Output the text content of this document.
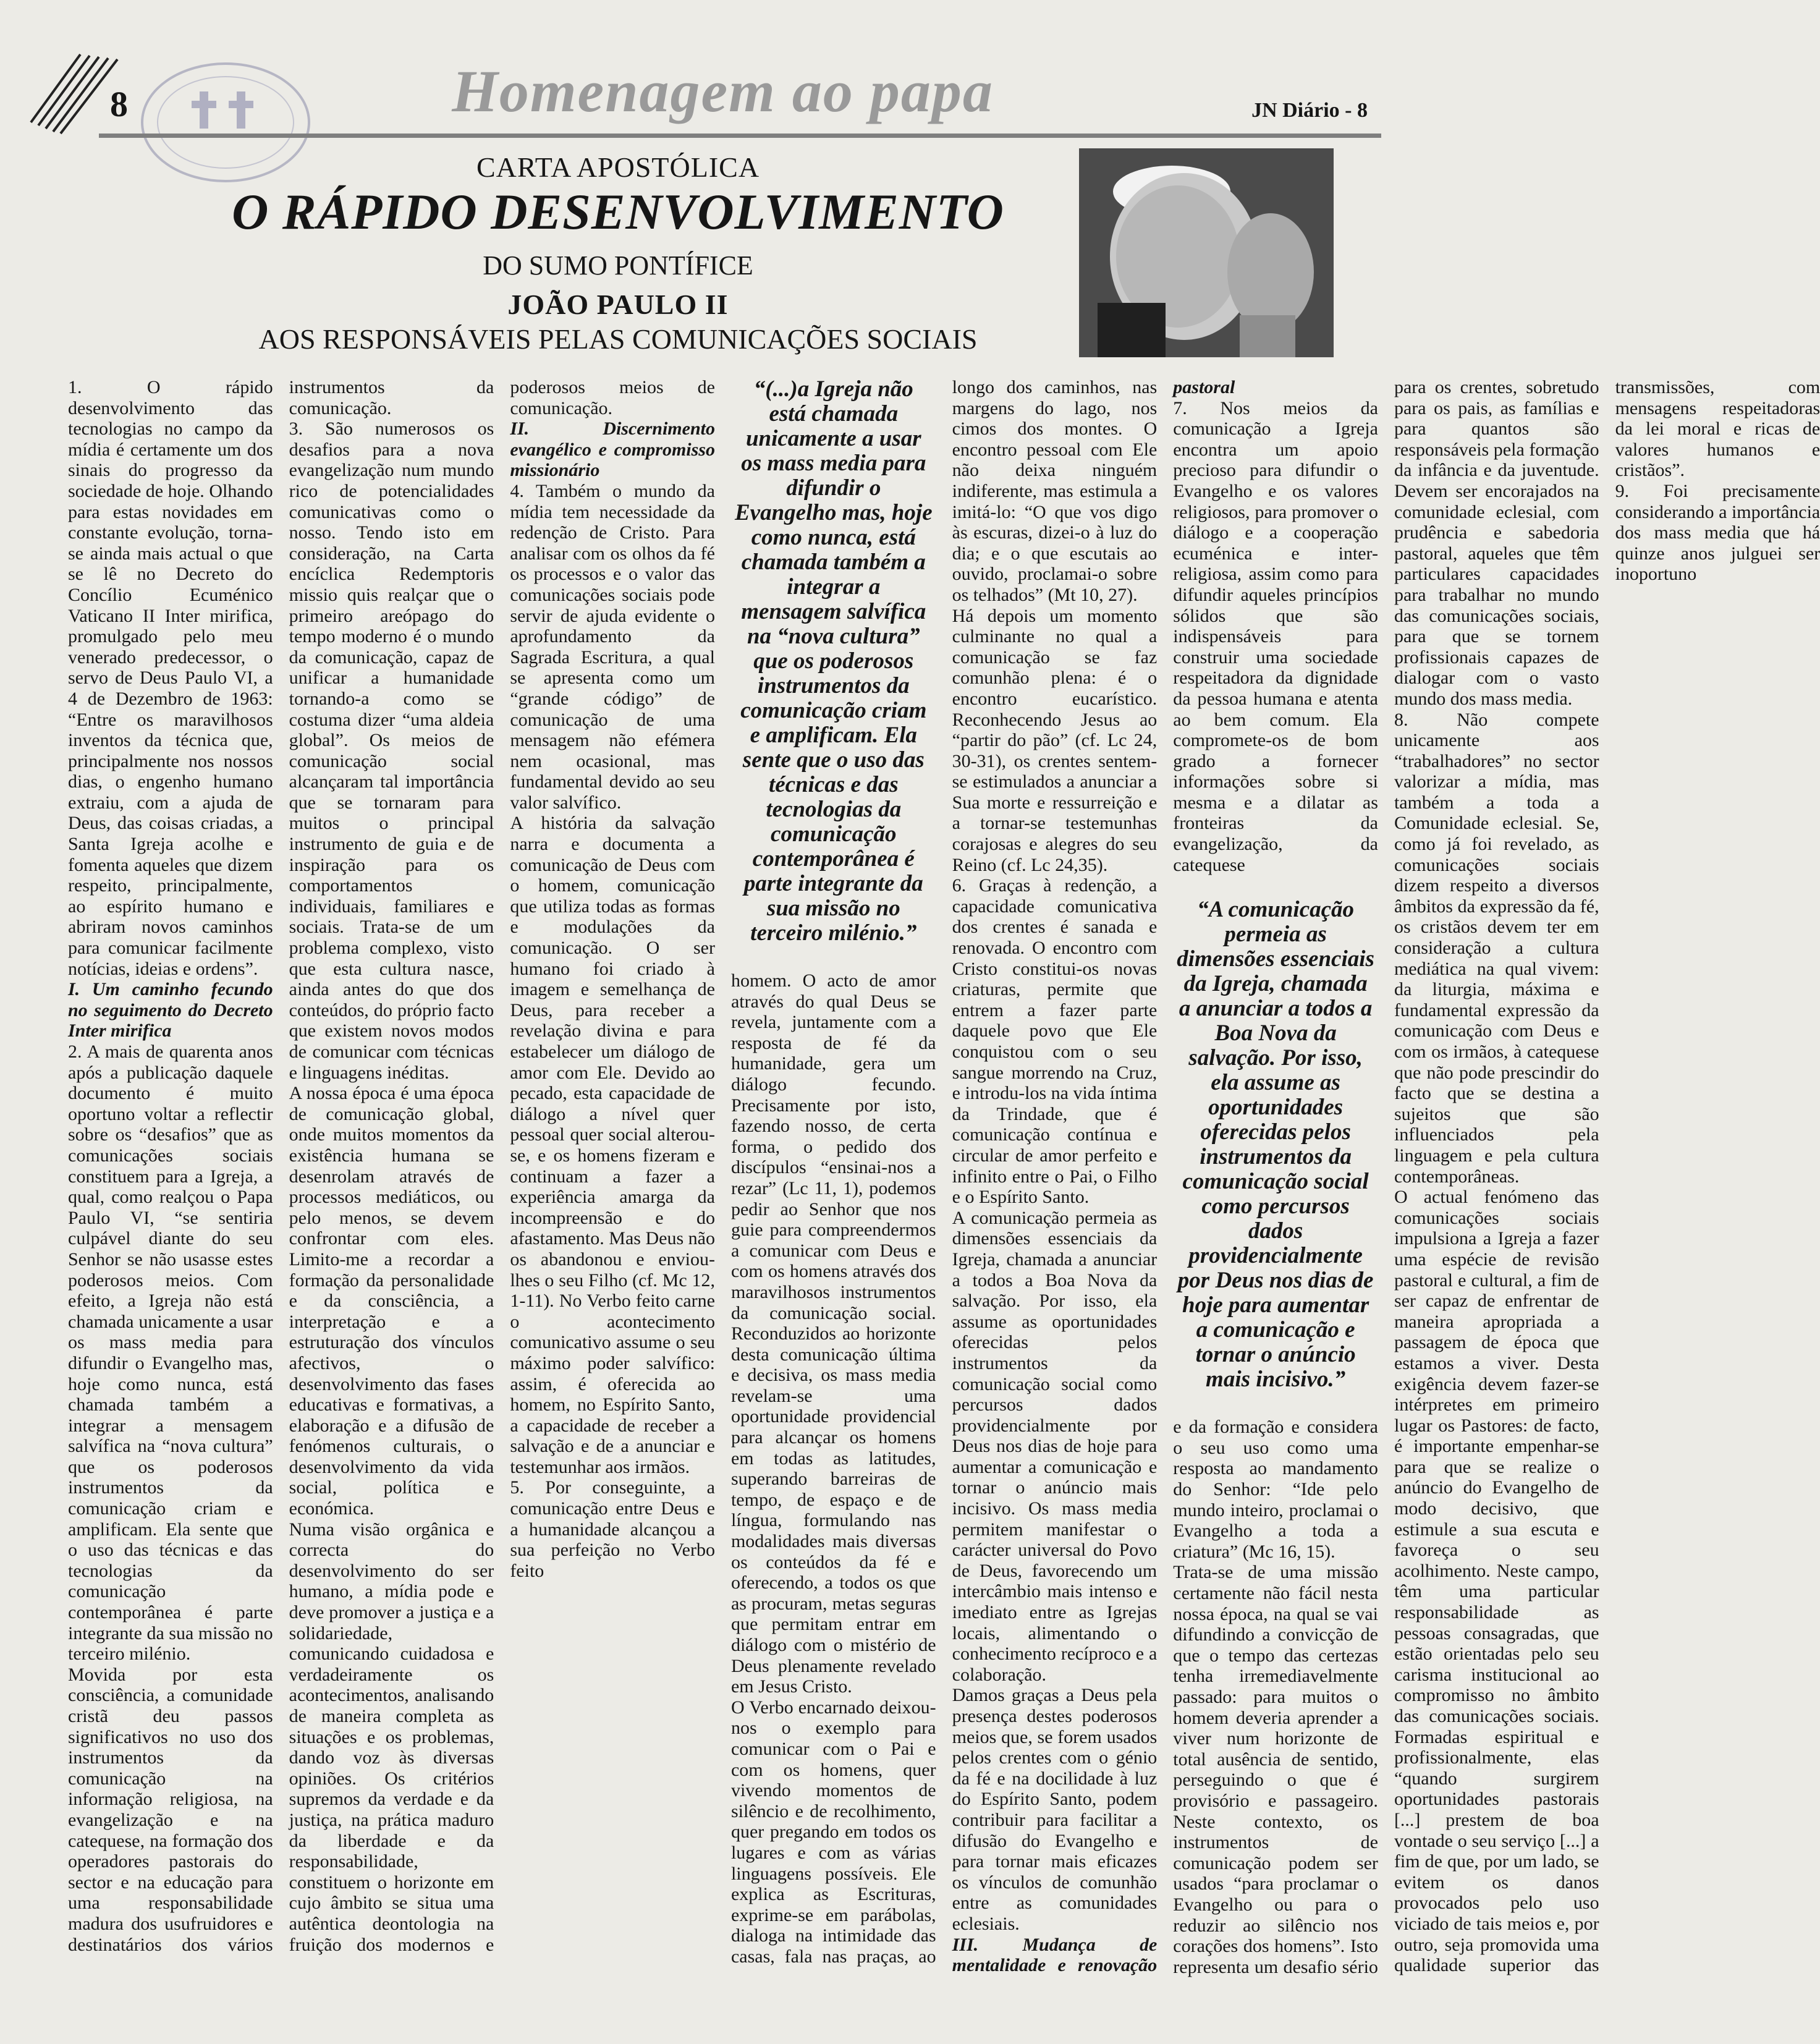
8	Homenagem ao papa	JN Diário - 8
CARTA APOSTÓLICA
O RÁPIDO DESENVOLVIMENTO
DO SUMO PONTÍFICE
JOÃO PAULO II
AOS RESPONSÁVEIS PELAS COMUNICAÇÕES SOCIAIS

1. O rápido desenvolvimento das tecnologias no campo da mídia é certamente um dos sinais do progresso da sociedade de hoje. Olhando para estas novidades em constante evolução, torna-se ainda mais actual o que se lê no Decreto do Concílio Ecuménico Vaticano II Inter mirifica, promulgado pelo meu venerado predecessor, o servo de Deus Paulo VI, a 4 de Dezembro de 1963: “Entre os maravilhosos inventos da técnica que, principalmente nos nossos dias, o engenho humano extraiu, com a ajuda de Deus, das coisas criadas, a Santa Igreja acolhe e fomenta aqueles que dizem respeito, principalmente, ao espírito humano e abriram novos caminhos para comunicar facilmente notícias, ideias e ordens”.

I. Um caminho fecundo no seguimento do Decreto Inter mirifica

2. A mais de quarenta anos após a publicação daquele documento é muito oportuno voltar a reflectir sobre os “desafios” que as comunicações sociais constituem para a Igreja, a qual, como realçou o Papa Paulo VI, “se sentiria culpável diante do seu Senhor se não usasse estes poderosos meios. Com efeito, a Igreja não está chamada unicamente a usar os mass media para difundir o Evangelho mas, hoje como nunca, está chamada também a integrar a mensagem salvífica na “nova cultura” que os poderosos instrumentos da comunicação criam e amplificam. Ela sente que o uso das técnicas e das tecnologias da comunicação contemporânea é parte integrante da sua missão no terceiro milénio.

Movida por esta consciência, a comunidade cristã deu passos significativos no uso dos instrumentos da comunicação na informação religiosa, na evangelização e na catequese, na formação dos operadores pastorais do sector e na educação para uma responsabilidade madura dos usufruidores e destinatários dos vários instrumentos da comunicação.

3. São numerosos os desafios para a nova evangelização num mundo rico de potencialidades comunicativas como o nosso. Tendo isto em consideração, na Carta encíclica Redemptoris missio quis realçar que o primeiro areópago do tempo moderno é o mundo da comunicação, capaz de unificar a humanidade tornando-a como se costuma dizer “uma aldeia global”. Os meios de comunicação social alcançaram tal importância que se tornaram para muitos o principal instrumento de guia e de inspiração para os comportamentos individuais, familiares e sociais. Trata-se de um problema complexo, visto que esta cultura nasce, ainda antes do que dos conteúdos, do próprio facto que existem novos modos de comunicar com técnicas e linguagens inéditas.

A nossa época é uma época de comunicação global, onde muitos momentos da existência humana se desenrolam através de processos mediáticos, ou pelo menos, se devem confrontar com eles. Limito-me a recordar a formação da personalidade e da consciência, a interpretação e a estruturação dos vínculos afectivos, o desenvolvimento das fases educativas e formativas, a elaboração e a difusão de fenómenos culturais, o desenvolvimento da vida social, política e económica.

Numa visão orgânica e correcta do desenvolvimento do ser humano, a mídia pode e deve promover a justiça e a solidariedade, comunicando cuidadosa e verdadeiramente os acontecimentos, analisando de maneira completa as situações e os problemas, dando voz às diversas opiniões. Os critérios supremos da verdade e da justiça, na prática maduro da liberdade e da responsabilidade, constituem o horizonte em cujo âmbito se situa uma autêntica deontologia na fruição dos modernos e poderosos meios de comunicação.

II. Discernimento evangélico e compromisso missionário

4. Também o mundo da mídia tem necessidade da redenção de Cristo. Para analisar com os olhos da fé os processos e o valor das comunicações sociais pode servir de ajuda evidente o aprofundamento da Sagrada Escritura, a qual se apresenta como um “grande código” de comunicação de uma mensagem não efémera nem ocasional, mas fundamental devido ao seu valor salvífico.

A história da salvação narra e documenta a comunicação de Deus com o homem, comunicação que utiliza todas as formas e modulações da comunicação. O ser humano foi criado à imagem e semelhança de Deus, para receber a revelação divina e para estabelecer um diálogo de amor com Ele. Devido ao pecado, esta capacidade de diálogo a nível quer pessoal quer social alterou-se, e os homens fizeram e continuam a fazer a experiência amarga da incompreensão e do afastamento. Mas Deus não os abandonou e enviou-lhes o seu Filho (cf. Mc 12, 1-11). No Verbo feito carne o acontecimento comunicativo assume o seu máximo poder salvífico: assim, é oferecida ao homem, no Espírito Santo, a capacidade de receber a salvação e de a anunciar e testemunhar aos irmãos.

5. Por conseguinte, a comunicação entre Deus e a humanidade alcançou a sua perfeição no Verbo feito

“(...)a Igreja não está chamada unicamente a usar os mass media para difundir o Evangelho mas, hoje como nunca, está chamada também a integrar a mensagem salvífica na “nova cultura” que os poderosos instrumentos da comunicação criam e amplificam. Ela sente que o uso das técnicas e das tecnologias da comunicação contemporânea é parte integrante da sua missão no terceiro milénio.”

homem. O acto de amor através do qual Deus se revela, juntamente com a resposta de fé da humanidade, gera um diálogo fecundo. Precisamente por isto, fazendo nosso, de certa forma, o pedido dos discípulos “ensinai-nos a rezar” (Lc 11, 1), podemos pedir ao Senhor que nos guie para compreendermos a comunicar com Deus e com os homens através dos maravilhosos instrumentos da comunicação social. Reconduzidos ao horizonte desta comunicação última e decisiva, os mass media revelam-se uma oportunidade providencial para alcançar os homens em todas as latitudes, superando barreiras de tempo, de espaço e de língua, formulando nas modalidades mais diversas os conteúdos da fé e oferecendo, a todos os que as procuram, metas seguras que permitam entrar em diálogo com o mistério de Deus plenamente revelado em Jesus Cristo.

O Verbo encarnado deixou-nos o exemplo para comunicar com o Pai e com os homens, quer vivendo momentos de silêncio e de recolhimento, quer pregando em todos os lugares e com as várias linguagens possíveis. Ele explica as Escrituras, exprime-se em parábolas, dialoga na intimidade das casas, fala nas praças, ao longo dos caminhos, nas margens do lago, nos cimos dos montes. O encontro pessoal com Ele não deixa ninguém indiferente, mas estimula a imitá-lo: “O que vos digo às escuras, dizei-o à luz do dia; e o que escutais ao ouvido, proclamai-o sobre os telhados” (Mt 10, 27).

Há depois um momento culminante no qual a comunicação se faz comunhão plena: é o encontro eucarístico. Reconhecendo Jesus ao “partir do pão” (cf. Lc 24, 30-31), os crentes sentem-se estimulados a anunciar a Sua morte e ressurreição e a tornar-se testemunhas corajosas e alegres do seu Reino (cf. Lc 24,35).

6. Graças à redenção, a capacidade comunicativa dos crentes é sanada e renovada. O encontro com Cristo constitui-os novas criaturas, permite que entrem a fazer parte daquele povo que Ele conquistou com o seu sangue morrendo na Cruz, e introdu-los na vida íntima da Trindade, que é comunicação contínua e circular de amor perfeito e infinito entre o Pai, o Filho e o Espírito Santo.

A comunicação permeia as dimensões essenciais da Igreja, chamada a anunciar a todos a Boa Nova da salvação. Por isso, ela assume as oportunidades oferecidas pelos instrumentos da comunicação social como percursos dados providencialmente por Deus nos dias de hoje para aumentar a comunicação e tornar o anúncio mais incisivo. Os mass media permitem manifestar o carácter universal do Povo de Deus, favorecendo um intercâmbio mais intenso e imediato entre as Igrejas locais, alimentando o conhecimento recíproco e a colaboração.

Damos graças a Deus pela presença destes poderosos meios que, se forem usados pelos crentes com o génio da fé e na docilidade à luz do Espírito Santo, podem contribuir para facilitar a difusão do Evangelho e para tornar mais eficazes os vínculos de comunhão entre as comunidades eclesiais.

III. Mudança de mentalidade e renovação pastoral

7. Nos meios da comunicação a Igreja encontra um apoio precioso para difundir o Evangelho e os valores religiosos, para promover o diálogo e a cooperação ecuménica e inter-religiosa, assim como para difundir aqueles princípios sólidos que são indispensáveis para construir uma sociedade respeitadora da dignidade da pessoa humana e atenta ao bem comum. Ela compromete-os de bom grado a fornecer informações sobre si mesma e a dilatar as fronteiras da evangelização, da catequese

“A comunicação permeia as dimensões essenciais da Igreja, chamada a anunciar a todos a Boa Nova da salvação. Por isso, ela assume as oportunidades oferecidas pelos instrumentos da comunicação social como percursos dados providencialmente por Deus nos dias de hoje para aumentar a comunicação e tornar o anúncio mais incisivo.”

e da formação e considera o seu uso como uma resposta ao mandamento do Senhor: “Ide pelo mundo inteiro, proclamai o Evangelho a toda a criatura” (Mc 16, 15).

Trata-se de uma missão certamente não fácil nesta nossa época, na qual se vai difundindo a convicção de que o tempo das certezas tenha irremediavelmente passado: para muitos o homem deveria aprender a viver num horizonte de total ausência de sentido, perseguindo o que é provisório e passageiro. Neste contexto, os instrumentos de comunicação podem ser usados “para proclamar o Evangelho ou para o reduzir ao silêncio nos corações dos homens”. Isto representa um desafio sério para os crentes, sobretudo para os pais, as famílias e para quantos são responsáveis pela formação da infância e da juventude. Devem ser encorajados na comunidade eclesial, com prudência e sabedoria pastoral, aqueles que têm particulares capacidades para trabalhar no mundo das comunicações sociais, para que se tornem profissionais capazes de dialogar com o vasto mundo dos mass media.

8. Não compete unicamente aos “trabalhadores” no sector valorizar a mídia, mas também a toda a Comunidade eclesial. Se, como já foi revelado, as comunicações sociais dizem respeito a diversos âmbitos da expressão da fé, os cristãos devem ter em consideração a cultura mediática na qual vivem: da liturgia, máxima e fundamental expressão da comunicação com Deus e com os irmãos, à catequese que não pode prescindir do facto que se destina a sujeitos que são influenciados pela linguagem e pela cultura contemporâneas.

O actual fenómeno das comunicações sociais impulsiona a Igreja a fazer uma espécie de revisão pastoral e cultural, a fim de ser capaz de enfrentar de maneira apropriada a passagem de época que estamos a viver. Desta exigência devem fazer-se intérpretes em primeiro lugar os Pastores: de facto, é importante empenhar-se para que se realize o anúncio do Evangelho de modo decisivo, que estimule a sua escuta e favoreça o seu acolhimento. Neste campo, têm uma particular responsabilidade as pessoas consagradas, que estão orientadas pelo seu carisma institucional ao compromisso no âmbito das comunicações sociais. Formadas espiritual e profissionalmente, elas “quando surgirem oportunidades pastorais [...] prestem de boa vontade o seu serviço [...] a fim de que, por um lado, se evitem os danos provocados pelo uso viciado de tais meios e, por outro, seja promovida uma qualidade superior das transmissões, com mensagens respeitadoras da lei moral e ricas de valores humanos e cristãos”.

9. Foi precisamente considerando a importância dos mass media que há quinze anos julguei ser inoportuno
